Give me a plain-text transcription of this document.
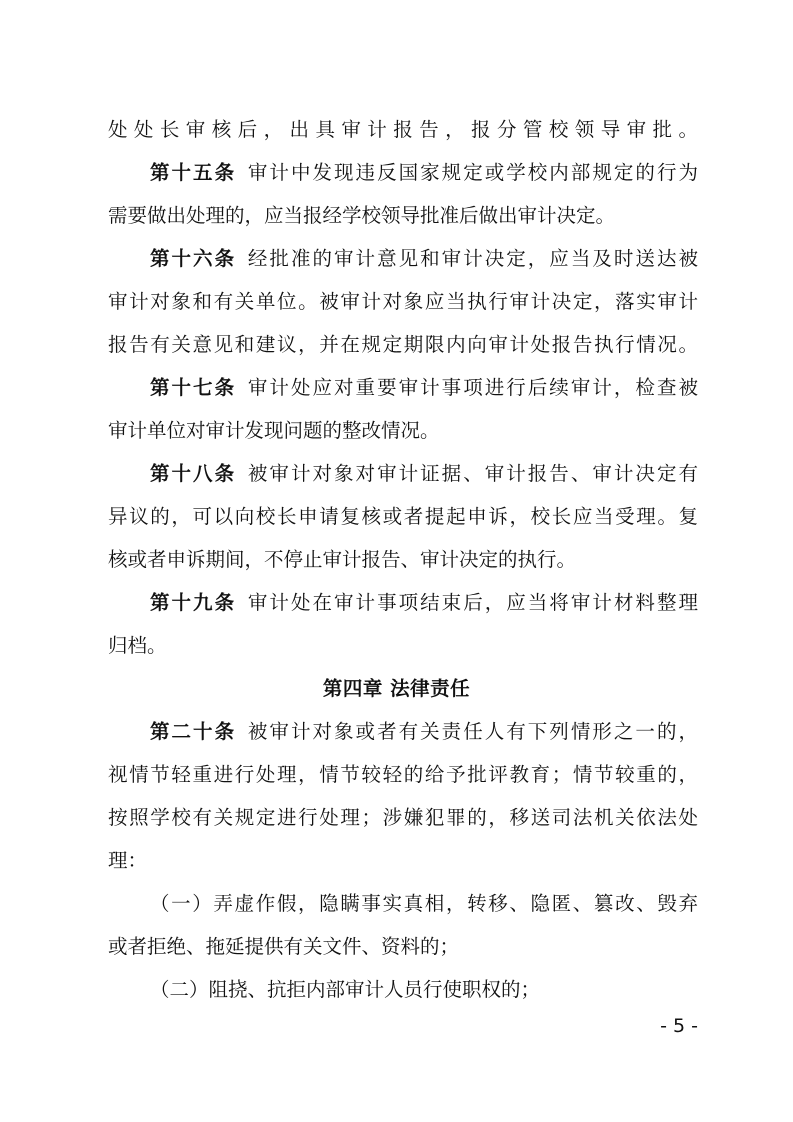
处处长审核后，出具审计报告，报分管校领导审批。
第十五条  审计中发现违反国家规定或学校内部规定的行为
需要做出处理的，应当报经学校领导批准后做出审计决定。
第十六条  经批准的审计意见和审计决定，应当及时送达被
审计对象和有关单位。被审计对象应当执行审计决定，落实审计
报告有关意见和建议，并在规定期限内向审计处报告执行情况。
第十七条  审计处应对重要审计事项进行后续审计，检查被
审计单位对审计发现问题的整改情况。
第十八条  被审计对象对审计证据、审计报告、审计决定有
异议的，可以向校长申请复核或者提起申诉，校长应当受理。复
核或者申诉期间，不停止审计报告、审计决定的执行。
第十九条  审计处在审计事项结束后，应当将审计材料整理
归档。
第四章 法律责任
第二十条  被审计对象或者有关责任人有下列情形之一的，
视情节轻重进行处理，情节较轻的给予批评教育；情节较重的，
按照学校有关规定进行处理；涉嫌犯罪的，移送司法机关依法处
理：
（一）弄虚作假，隐瞒事实真相，转移、隐匿、篡改、毁弃
或者拒绝、拖延提供有关文件、资料的；
（二）阻挠、抗拒内部审计人员行使职权的；
- 5 -
